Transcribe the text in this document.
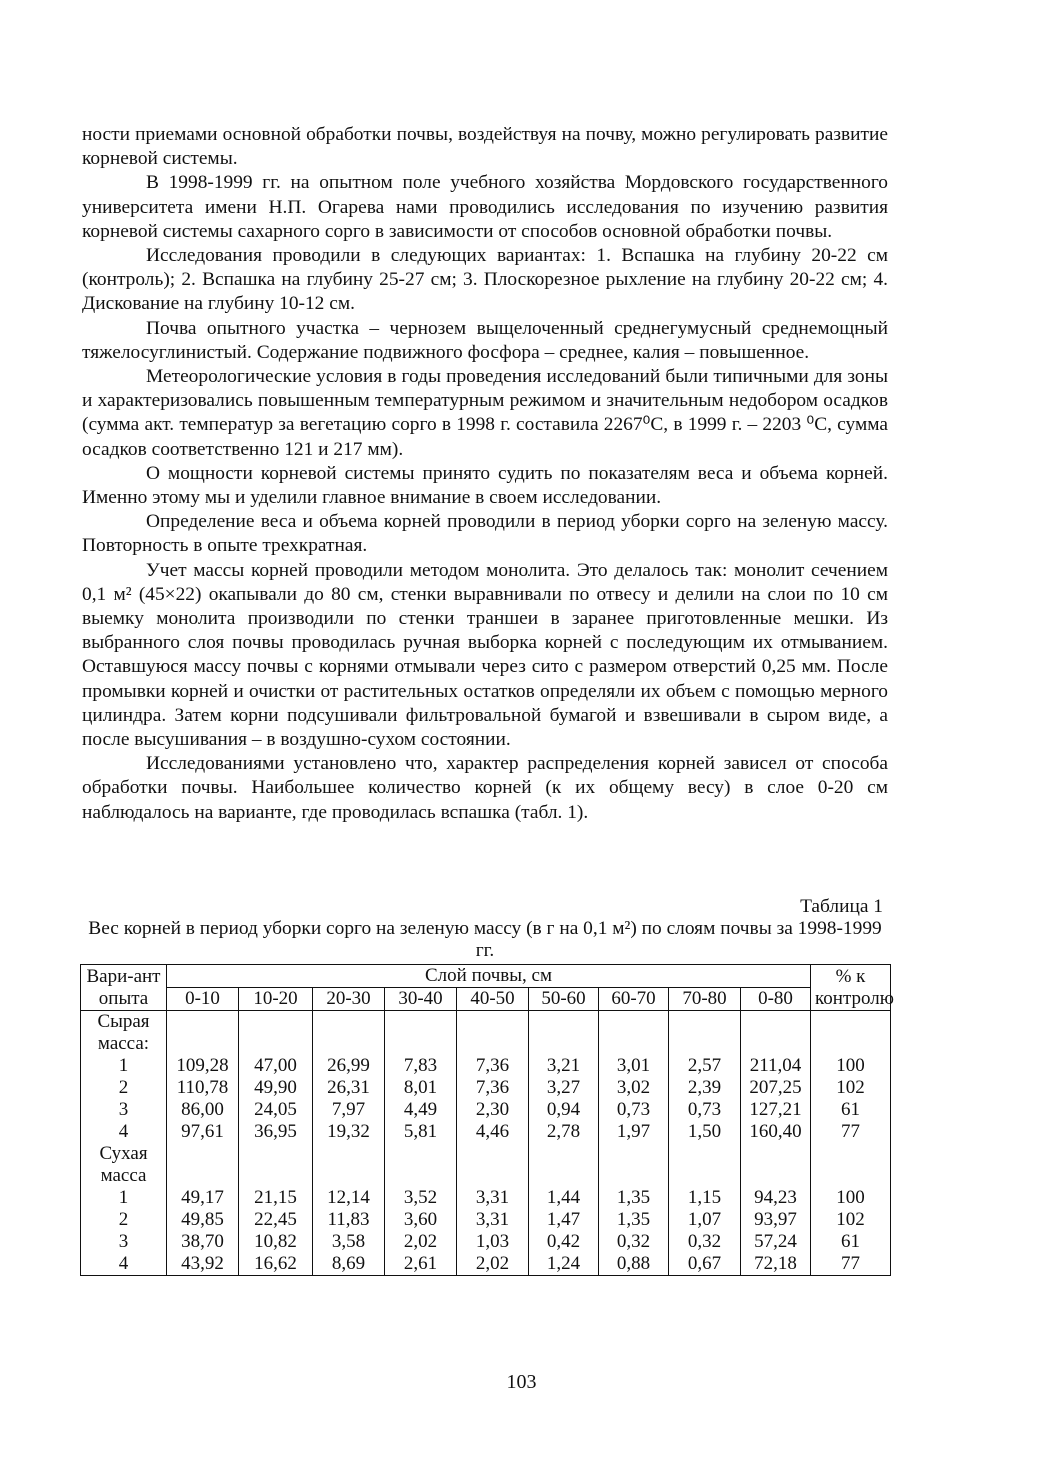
ности приемами основной обработки почвы, воздействуя на почву, можно регулировать развитие корневой системы.

В 1998-1999 гг. на опытном поле учебного хозяйства Мордовского государственного университета имени Н.П. Огарева нами проводились исследования по изучению развития корневой системы сахарного сорго в зависимости от способов основной обработки почвы.

Исследования проводили в следующих вариантах: 1. Вспашка на глубину 20-22 см (контроль); 2. Вспашка на глубину 25-27 см; 3. Плоскорезное рыхление на глубину 20-22 см; 4. Дискование на глубину 10-12 см.

Почва опытного участка – чернозем выщелоченный среднегумусный среднемощный тяжелосуглинистый. Содержание подвижного фосфора – среднее, калия – повышенное.

Метеорологические условия в годы проведения исследований были типичными для зоны и характеризовались повышенным температурным режимом и значительным недобором осадков (сумма акт. температур за вегетацию сорго в 1998 г. составила 2267⁰С, в 1999 г. – 2203 ⁰С, сумма осадков соответственно 121 и 217 мм).

О мощности корневой системы принято судить по показателям веса и объема корней. Именно этому мы и уделили главное внимание в своем исследовании.

Определение веса и объема корней проводили в период уборки сорго на зеленую массу. Повторность в опыте трехкратная.

Учет массы корней проводили методом монолита. Это делалось так: монолит сечением 0,1 м² (45×22) окапывали до 80 см, стенки выравнивали по отвесу и делили на слои по 10 см выемку монолита производили по стенки траншеи в заранее приготовленные мешки. Из выбранного слоя почвы проводилась ручная выборка корней с последующим их отмыванием. Оставшуюся массу почвы с корнями отмывали через сито с размером отверстий 0,25 мм. После промывки корней и очистки от растительных остатков определяли их объем с помощью мерного цилиндра. Затем корни подсушивали фильтровальной бумагой и взвешивали в сыром виде, а после высушивания – в воздушно-сухом состоянии.

Исследованиями установлено что, характер распределения корней зависел от способа обработки почвы. Наибольшее количество корней (к их общему весу) в слое 0-20 см наблюдалось на варианте, где проводилась вспашка (табл. 1).

Таблица 1
Вес корней в период уборки сорго на зеленую массу (в г на 0,1 м²) по слоям почвы за 1998-1999 гг.
Вари-ант опыта	Слой почвы, см									% к контролю
	0-10	10-20	20-30	30-40	40-50	50-60	60-70	70-80	0-80	
Сырая масса:										
1	109,28	47,00	26,99	7,83	7,36	3,21	3,01	2,57	211,04	100
2	110,78	49,90	26,31	8,01	7,36	3,27	3,02	2,39	207,25	102
3	86,00	24,05	7,97	4,49	2,30	0,94	0,73	0,73	127,21	61
4	97,61	36,95	19,32	5,81	4,46	2,78	1,97	1,50	160,40	77
Сухая масса										
1	49,17	21,15	12,14	3,52	3,31	1,44	1,35	1,15	94,23	100
2	49,85	22,45	11,83	3,60	3,31	1,47	1,35	1,07	93,97	102
3	38,70	10,82	3,58	2,02	1,03	0,42	0,32	0,32	57,24	61
4	43,92	16,62	8,69	2,61	2,02	1,24	0,88	0,67	72,18	77
103
